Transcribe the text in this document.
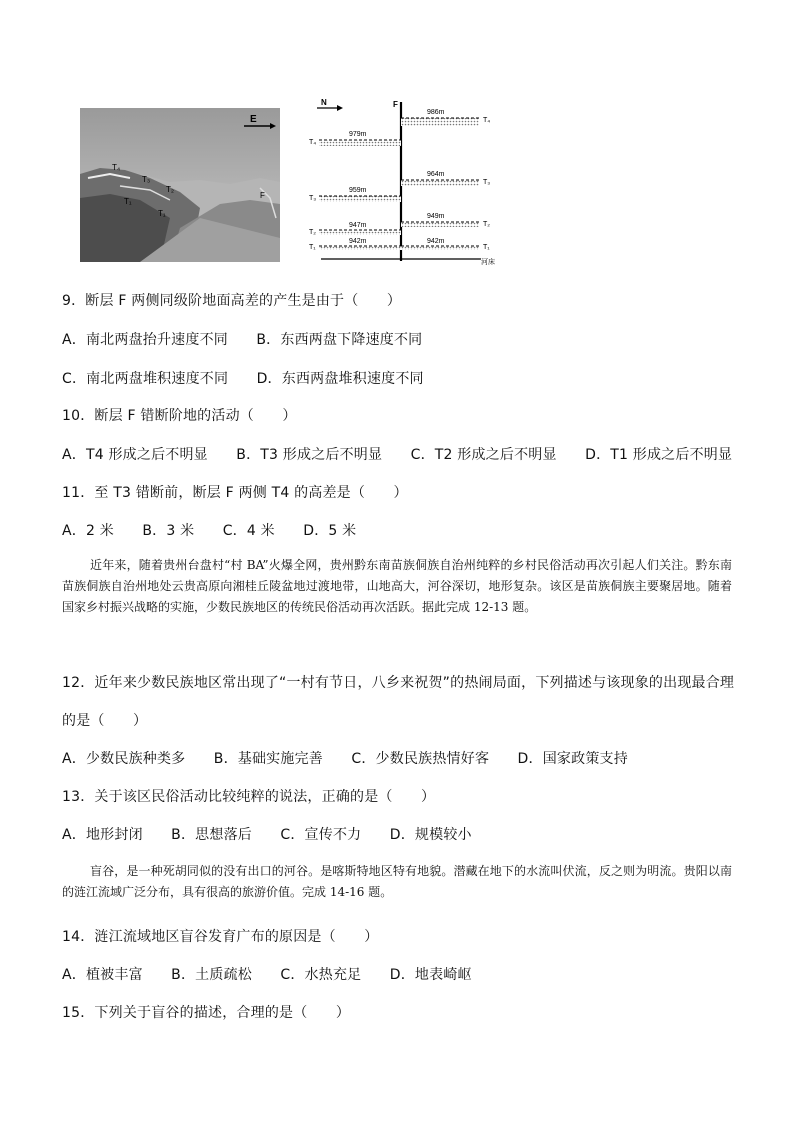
E
T₄
T₃
T₂
T₁
T₁
F
N	F
河床
979m
T₄
959m
T₃
947m
T₂
942m
T₁
986m
T₄
964m
T₃
949m
T₂
942m
T₁
9．断层 F 两侧同级阶地面高差的产生是由于（　　）
A．南北两盘抬升速度不同　　B．东西两盘下降速度不同
C．南北两盘堆积速度不同　　D．东西两盘堆积速度不同
10．断层 F 错断阶地的活动（　　）
A．T4 形成之后不明显　　B．T3 形成之后不明显　　C．T2 形成之后不明显　　D．T1 形成之后不明显
11．至 T3 错断前，断层 F 两侧 T4 的高差是（　　）
A．2 米　　B．3 米　　C．4 米　　D．5 米
近年来，随着贵州台盘村“村 BA”火爆全网，贵州黔东南苗族侗族自治州纯粹的乡村民俗活动再次引起人们关注。黔东南苗族侗族自治州地处云贵高原向湘桂丘陵盆地过渡地带，山地高大，河谷深切，地形复杂。该区是苗族侗族主要聚居地。随着国家乡村振兴战略的实施，少数民族地区的传统民俗活动再次活跃。据此完成 12-13 题。
12．近年来少数民族地区常出现了“一村有节日，八乡来祝贺”的热闹局面，下列描述与该现象的出现最合理
的是（　　）
A．少数民族种类多　　B．基础实施完善　　C．少数民族热情好客　　D．国家政策支持
13．关于该区民俗活动比较纯粹的说法，正确的是（　　）
A．地形封闭　　B．思想落后　　C．宣传不力　　D．规模较小
盲谷，是一种死胡同似的没有出口的河谷。是喀斯特地区特有地貌。潜藏在地下的水流叫伏流，反之则为明流。贵阳以南的涟江流域广泛分布，具有很高的旅游价值。完成 14-16 题。
14．涟江流域地区盲谷发育广布的原因是（　　）
A．植被丰富　　B．土质疏松　　C．水热充足　　D．地表崎岖
15．下列关于盲谷的描述，合理的是（　　）
